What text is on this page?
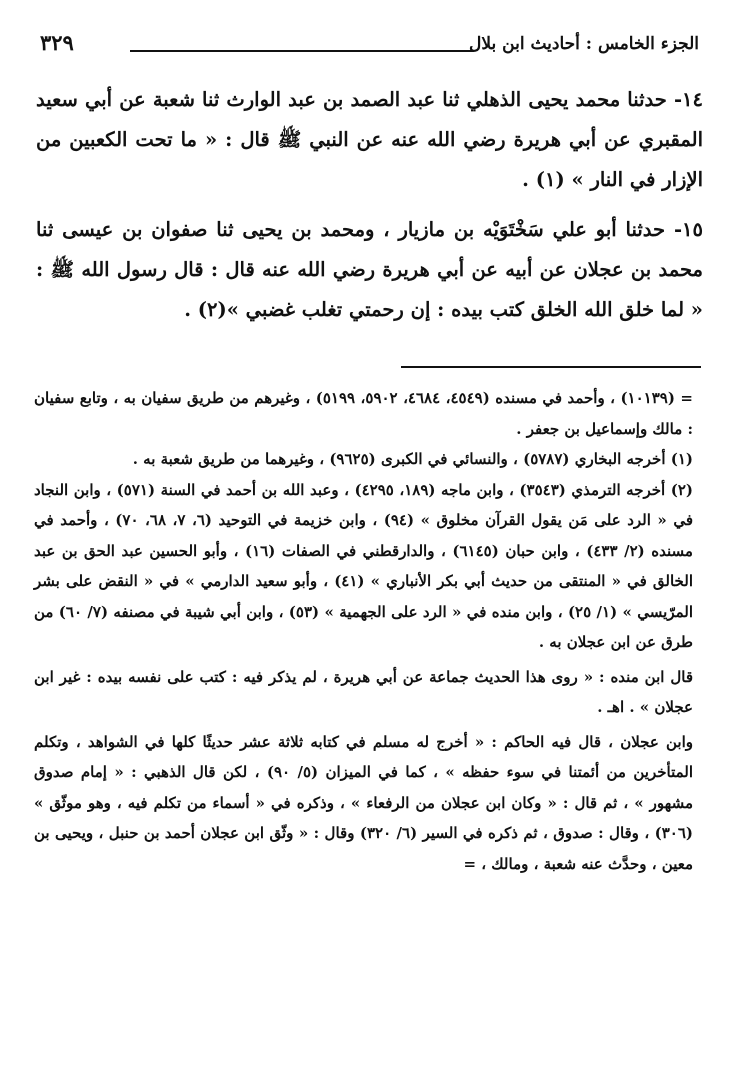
الجزء الخامس : أحاديث ابن بلال
٣٢٩

١٤- حدثنا محمد يحيى الذهلي ثنا عبد الصمد بن عبد الوارث ثنا شعبة عن أبي سعيد المقبري عن أبي هريرة رضي الله عنه عن النبي ﷺ قال : « ما تحت الكعبين من الإزار في النار » (١) .

١٥- حدثنا أبو علي سَخْتَوَيْه بن مازيار ، ومحمد بن يحيى ثنا صفوان بن عيسى ثنا محمد بن عجلان عن أبيه عن أبي هريرة رضي الله عنه قال : قال رسول الله ﷺ : « لما خلق الله الخلق كتب بيده : إن رحمتي تغلب غضبي »(٢) .

= (١٠١٣٩) ، وأحمد في مسنده (٤٥٤٩، ٤٦٨٤، ٥٩٠٢، ٥١٩٩) ، وغيرهم من طريق سفيان به ، وتابع سفيان : مالك وإسماعيل بن جعفر .

(١) أخرجه البخاري (٥٧٨٧) ، والنسائي في الكبرى (٩٦٢٥) ، وغيرهما من طريق شعبة به .

(٢) أخرجه الترمذي (٣٥٤٣) ، وابن ماجه (١٨٩، ٤٢٩٥) ، وعبد الله بن أحمد في السنة (٥٧١) ، وابن النجاد في « الرد على مَن يقول القرآن مخلوق » (٩٤) ، وابن خزيمة في التوحيد (٦، ٧، ٦٨، ٧٠) ، وأحمد في مسنده (٢/ ٤٣٣) ، وابن حبان (٦١٤٥) ، والدارقطني في الصفات (١٦) ، وأبو الحسين عبد الحق بن عبد الخالق في « المنتقى من حديث أبي بكر الأنباري » (٤١) ، وأبو سعيد الدارمي » في « النقض على بشر المرّيسي » (١/ ٢٥) ، وابن منده في « الرد على الجهمية » (٥٣) ، وابن أبي شيبة في مصنفه (٧/ ٦٠) من طرق عن ابن عجلان به .

قال ابن منده : « روى هذا الحديث جماعة عن أبي هريرة ، لم يذكر فيه : كتب على نفسه بيده : غير ابن عجلان » . اهـ .

وابن عجلان ، قال فيه الحاكم : « أخرج له مسلم في كتابه ثلاثة عشر حديثًا كلها في الشواهد ، وتكلم المتأخرين من أئمتنا في سوء حفظه » ، كما في الميزان (٥/ ٩٠) ، لكن قال الذهبي : « إمام صدوق مشهور » ، ثم قال : « وكان ابن عجلان من الرفعاء » ، وذكره في « أسماء من تكلم فيه ، وهو موثّق » (٣٠٦) ، وقال : صدوق ، ثم ذكره في السير (٦/ ٣٢٠) وقال : « وثّق ابن عجلان أحمد بن حنبل ، ويحيى بن معين ، وحدَّث عنه شعبة ، ومالك ، =
